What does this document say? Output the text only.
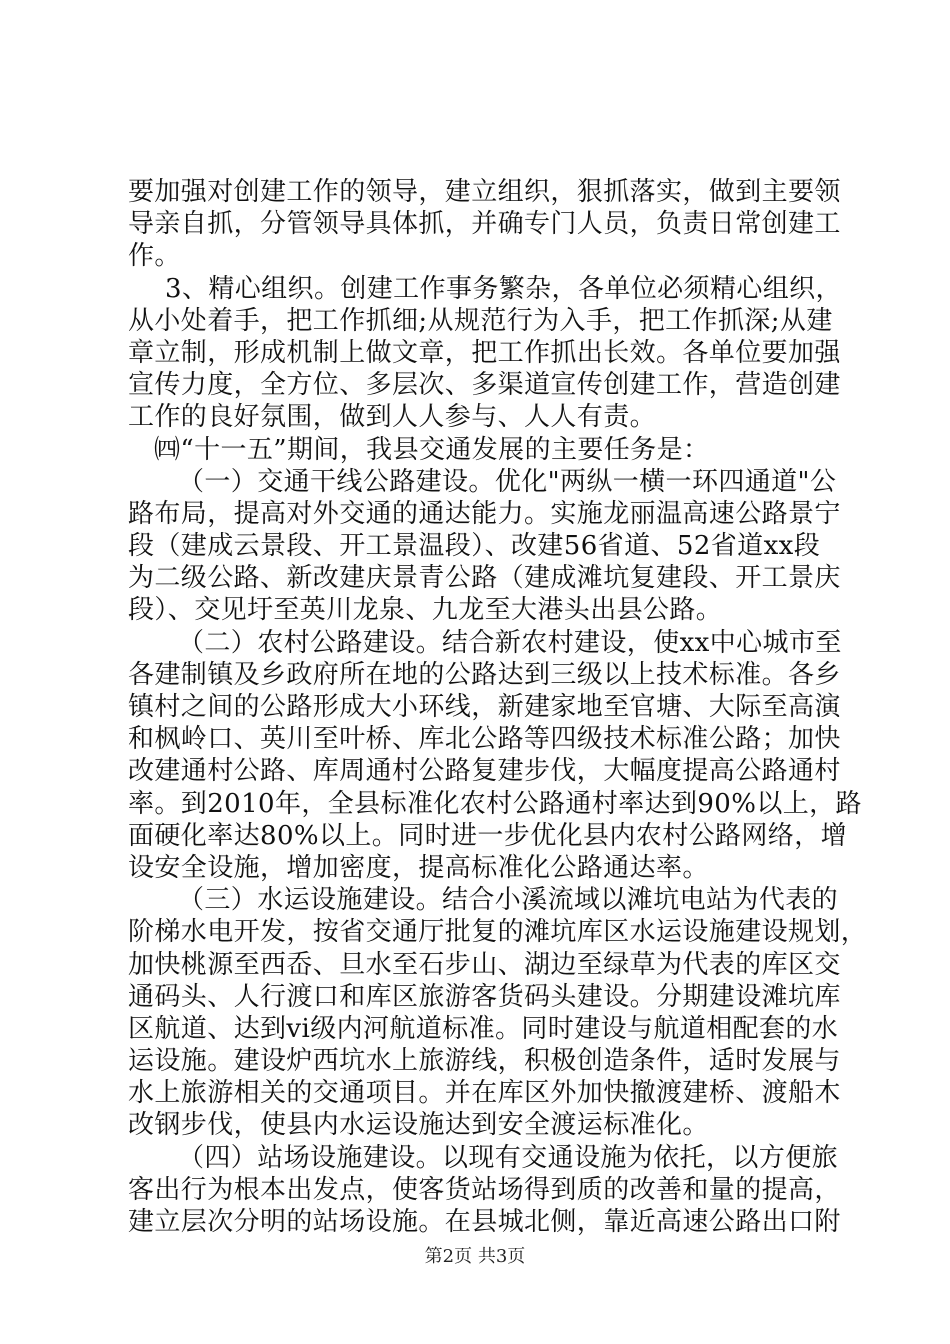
要加强对创建工作的领导，建立组织，狠抓落实，做到主要领
导亲自抓，分管领导具体抓，并确专门人员，负责日常创建工
作。
3、精心组织。创建工作事务繁杂，各单位必须精心组织，
从小处着手，把工作抓细;从规范行为入手，把工作抓深;从建
章立制，形成机制上做文章，把工作抓出长效。各单位要加强
宣传力度，全方位、多层次、多渠道宣传创建工作，营造创建
工作的良好氛围，做到人人参与、人人有责。
㈣“十一五”期间，我县交通发展的主要任务是：
（一）交通干线公路建设。优化"两纵一横一环四通道"公
路布局，提高对外交通的通达能力。实施龙丽温高速公路景宁
段（建成云景段、开工景温段）、改建56省道、52省道xx段
为二级公路、新改建庆景青公路（建成滩坑复建段、开工景庆
段）、交见圩至英川龙泉、九龙至大港头出县公路。
（二）农村公路建设。结合新农村建设，使xx中心城市至
各建制镇及乡政府所在地的公路达到三级以上技术标准。各乡
镇村之间的公路形成大小环线，新建家地至官塘、大际至高演
和枫岭口、英川至叶桥、库北公路等四级技术标准公路；加快
改建通村公路、库周通村公路复建步伐，大幅度提高公路通村
率。到2010年，全县标准化农村公路通村率达到90%以上，路
面硬化率达80%以上。同时进一步优化县内农村公路网络，增
设安全设施，增加密度，提高标准化公路通达率。
（三）水运设施建设。结合小溪流域以滩坑电站为代表的
阶梯水电开发，按省交通厅批复的滩坑库区水运设施建设规划，
加快桃源至西岙、旦水至石步山、湖边至绿草为代表的库区交
通码头、人行渡口和库区旅游客货码头建设。分期建设滩坑库
区航道、达到vi级内河航道标准。同时建设与航道相配套的水
运设施。建设炉西坑水上旅游线，积极创造条件，适时发展与
水上旅游相关的交通项目。并在库区外加快撤渡建桥、渡船木
改钢步伐，使县内水运设施达到安全渡运标准化。
（四）站场设施建设。以现有交通设施为依托，以方便旅
客出行为根本出发点，使客货站场得到质的改善和量的提高，
建立层次分明的站场设施。在县城北侧，靠近高速公路出口附
第2页 共3页
